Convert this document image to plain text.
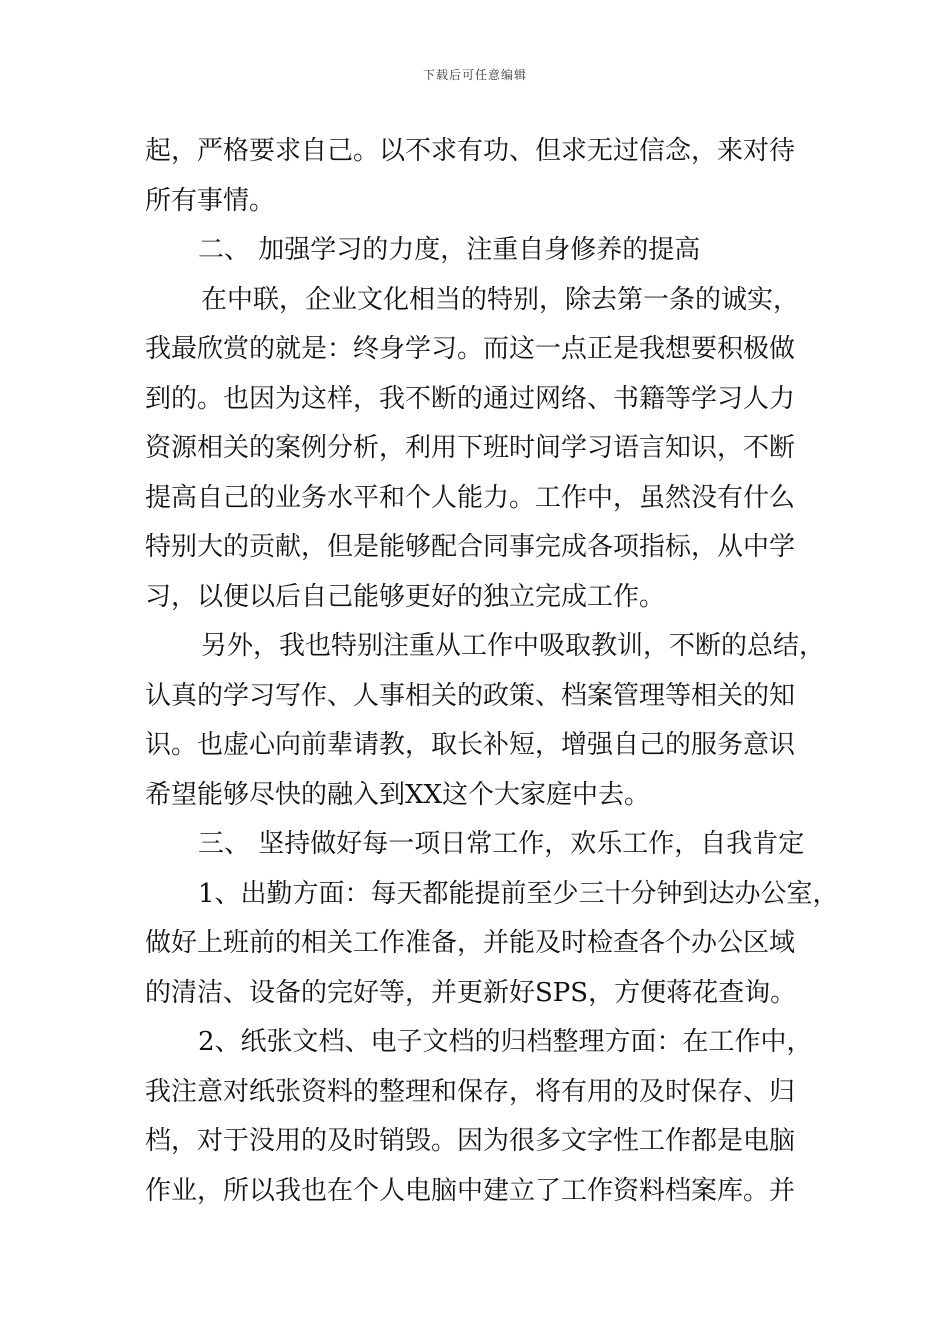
下载后可任意编辑
起，严格要求自己。以不求有功、但求无过信念，来对待
所有事情。
二、 加强学习的力度，注重自身修养的提高
在中联，企业文化相当的特别，除去第一条的诚实，
我最欣赏的就是：终身学习。而这一点正是我想要积极做
到的。也因为这样，我不断的通过网络、书籍等学习人力
资源相关的案例分析，利用下班时间学习语言知识，不断
提高自己的业务水平和个人能力。工作中，虽然没有什么
特别大的贡献，但是能够配合同事完成各项指标，从中学
习，以便以后自己能够更好的独立完成工作。
另外，我也特别注重从工作中吸取教训，不断的总结，
认真的学习写作、人事相关的政策、档案管理等相关的知
识。也虚心向前辈请教，取长补短，增强自己的服务意识
希望能够尽快的融入到XX这个大家庭中去。
三、 坚持做好每一项日常工作，欢乐工作，自我肯定
1、出勤方面：每天都能提前至少三十分钟到达办公室，
做好上班前的相关工作准备，并能及时检查各个办公区域
的清洁、设备的完好等，并更新好SPS，方便蒋花查询。
2、纸张文档、电子文档的归档整理方面：在工作中，
我注意对纸张资料的整理和保存，将有用的及时保存、归
档，对于没用的及时销毁。因为很多文字性工作都是电脑
作业，所以我也在个人电脑中建立了工作资料档案库。并
